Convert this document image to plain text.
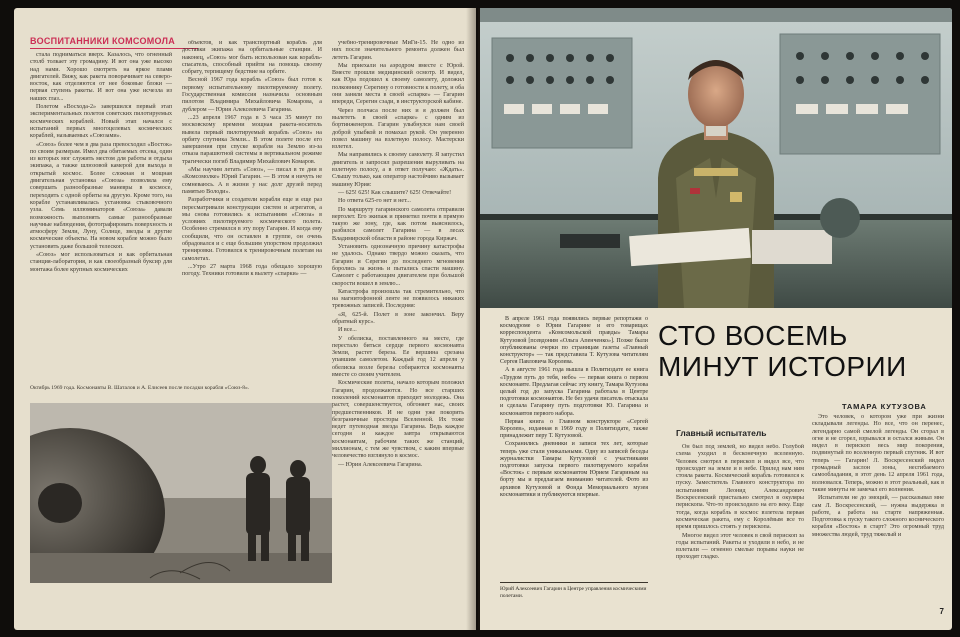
ВОСПИТАННИКИ КОМСОМОЛА

стала подниматься вверх. Казалось, что огненный столб толкает эту громадину. И вот она уже высоко над нами. Хорошо смотреть на яркое пламя двигателей. Вижу, как ракета поворачивает на северо-восток, как отделяются от нее боковые блоки — первая ступень ракеты. И вот она уже исчезла из наших глаз...

Полетом «Восхода-2» завершился первый этап экспериментальных полетов советских пилотируемых космических кораблей. Новый этап начался с испытаний первых многоцелевых космических кораблей, называемых «Союзами».

«Союз» более чем в два раза превосходил «Восток» по своим размерам. Имел два обитаемых отсека, один из которых мог служить местом для работы и отдыха экипажа, а также шлюзовой камерой для выхода в открытый космос. Более сложная и мощная двигательная установка «Союза» позволяла ему совершать разнообразные маневры в космосе, переходить с одной орбиты на другую. Кроме того, на корабле устанавливалась установка стыковочного узла. Семь иллюминаторов «Союза» давали возможность выполнять самые разнообразные научные наблюдения, фотографировать поверхность и атмосферу Земли, Луну, Солнце, звезды и другие космические объекты. На новом корабле можно было установить даже большой телескоп.

«Союз» мог использоваться и как орбитальная станция-лаборатория, и как своеобразный буксир для монтажа более крупных космических

объектов, и как транспортный корабль для доставки экипажа на орбитальные станции. И наконец, «Союз» мог быть использован как корабль-спасатель, способный прийти на помощь своему собрату, терпящему бедствие на орбите.

Весной 1967 года корабль «Союз» был готов к первому испытательному пилотируемому полету. Государственная комиссия назначила основным пилотом Владимира Михайловича Комарова, а дублером — Юрия Алексеевича Гагарина.

...23 апреля 1967 года в 3 часа 35 минут по московскому времени мощная ракета-носитель вывела первый пилотируемый корабль «Союз» на орбиту спутника Земли... В этом полете после его завершения при спуске корабля на Землю из-за отказа парашютной системы в вертикальном режиме трагически погиб Владимир Михайлович Комаров.

«Мы научим летать «Союз», — писал в те дни в «Комсомолке» Юрий Гагарин. — В этом я ничуть не сомневаюсь. А в жизни у нас долг друзей перед памятью Володи».

Разработчики и создатели корабля еще и еще раз пересматривали конструкции систем и агрегатов, а мы снова готовились к испытаниям «Союза» в условиях пилотируемого космического полета. Особенно стремился в эту пору Гагарин. И когда ему сообщили, что он оставлен в группе, он очень обрадовался и с еще большим упорством продолжил тренировки. Готовился к тренировочным полетам на самолетах.

...Утро 27 марта 1968 года обещало хорошую погоду. Техники готовили к вылету «спарки» —

учебно-тренировочные МиГи-15. Не одно из них после значительного ремонта должен был лететь Гагарин.

Мы приехали на аэродром вместе с Юрой. Вместе прошли медицинский осмотр. И видел, как Юра подошел к своему самолету, доложил полковнику Серегину о готовности к полету, и оба они заняли места в своей «спарке» — Гагарин впереди, Серегин сзади, в инструкторской кабине.

Через полчаса после них и я должен был вылететь в своей «спарке» с одним из бортинженеров. Гагарин улыбнулся нам своей доброй улыбкой и помахал рукой. Он уверенно повел машину на взлетную полосу. Мастерски взлетел.

Мы направились к своему самолету. Я запустил двигатель и запросил разрешения выруливать на взлетную полосу, а в ответ получаю: «Ждать». Слышу только, как оператор настойчиво вызывает машину Юрия:

— 625! 625! Как слышите? 625! Отвечайте!

Но ответа 625-го нет и нет...

По маршруту гагаринского самолета отправили вертолет. Его экипаж и приметил почти в прямую такую же зону, где, как потом выяснилось, разбился самолет Гагарина — в лесах Владимирской области в районе города Киржач.

Установить однозначную причину катастрофы не удалось. Однако твердо можно сказать, что Гагарин и Серегин до последнего мгновения боролись за жизнь и пытались спасти машину. Самолет с работающим двигателем при большой скорости вошел в землю...

Катастрофа произошла так стремительно, что на магнитофонной ленте не появилось никаких тревожных записей. Последняя:

«Я, 625-й. Полет в зоне закончил. Веру обратный курс».

И все...

У обелиска, поставленного на месте, где перестало биться сердце первого космонавта Земли, растет береза. Ее вершина срезана упавшим самолетом. Каждый год 12 апреля у обелиска возле березы собираются космонавты вместе со своим учителем.

Космические полеты, начало которым положил Гагарин, продолжаются. Но все старших поколений космонавтов приходит молодежь. Она растет, совершенствуется, обгоняет нас, своих предшественников. И не одни уже покорить безграничные просторы Вселенной. Их тоже ведет путеводная звезда Гагарина. Ведь каждое сегодня и каждое завтра открываются космонавтам, рабочим таких же станций, миллионам, с тем же чувством, с каким впервые человечество взглянуло в космос.

— Юрия Алексеевича Гагарина.

Октябрь 1969 года. Космонавты В. Шаталов и А. Елисеев после посадки корабля «Союз-8».

В апреле 1961 года появились первые репортажи о космодроме о Юрии Гагарине и его товарищах корреспондента «Комсомольской правды» Тамары Кутузовой [псевдоним «Ольга Апенченко»]. Позже были опубликованы очерки по страницам газеты «Главный конструктор» — так представила Т. Кутузова читателям Сергея Павловича Королева.

А в августе 1961 года вышла в Политиздате ее книга «Трудом путь до тебя, небо» — первая книга о первом космонавте. Предлагая сейчас эту книгу, Тамара Кутузова целый год до запуска Гагарина работала в Центре подготовки космонавтов. Не без удачи писатель отыскала и сделала Гагарину путь подготовки Ю. Гагарина и космонавтов первого набора.

Первая книга о Главном конструкторе «Сергей Королев», изданная в 1969 году в Политиздате, также принадлежит перу Т. Кутузовой.

Сохранились дневники и записи тех лет, которые теперь уже стали уникальными. Одну из записей беседы журналистки Тамары Кутузовой с участниками подготовки запуска первого пилотируемого корабля «Восток» с первым космонавтом Юрием Гагариным на борту мы и предлагаем вниманию читателей. Фото из архивов Кутузовой и Фонда Мемориального музея космонавтики и публикуются впервые.

Юрий Алексеевич Гагарин в Центре управления космическими полетами.
СТО ВОСЕМЬ
МИНУТ ИСТОРИИ
ТАМАРА КУТУЗОВА
Главный испытатель

Он был под землей, но видел небо. Голубой схема уходил в бесконечную вселенную. Человек смотрел в перископ и видел все, что происходит на земле и в небе. Прилед нам ним стояла ракета. Космический корабль готовился к пуску. Заместитель Главного конструктора по испытаниям Леонид Александрович Воскресенский пристально смотрел в окуляры перископа. Что-то происходило на его веку. Еще тогда, когда корабль в космос взлетела первая космическая ракета, ему с Королёвым все то время пришлось стоять у перископа.

Многое видел этот человек в свой перископ за годы испытаний. Ракеты и уходили в небо, и не взлетали — огненно смелые порывы науки не проходят гладко.

Это человек, о котором уже при жизни складывали легенды. Но все, что он перенес, легендарно самой смелой легенды. Он сгорал в огне и не сгорел, взрывался и остался живым. Он видел в перископ весь мир покорения, подвинутый по вселенную первый спутник. И вот теперь — Гагарин! Л. Воскресенский видел громадный заслон зоны, несгибаемого самообладания, в этот день 12 апреля 1961 года, волновался. Теперь, можно в этот реальный, как в такие минуты не замечал его волнения.

Испытатели не до эмоций, — рассказывал мне сам Л. Воскресенский, — нужна выдержка в работе, а работа на старте напряженная. Подготовка к пуску такого сложного космического корабля «Восток» в старт? Это огромный труд множества людей, труд тяжелый и

7
